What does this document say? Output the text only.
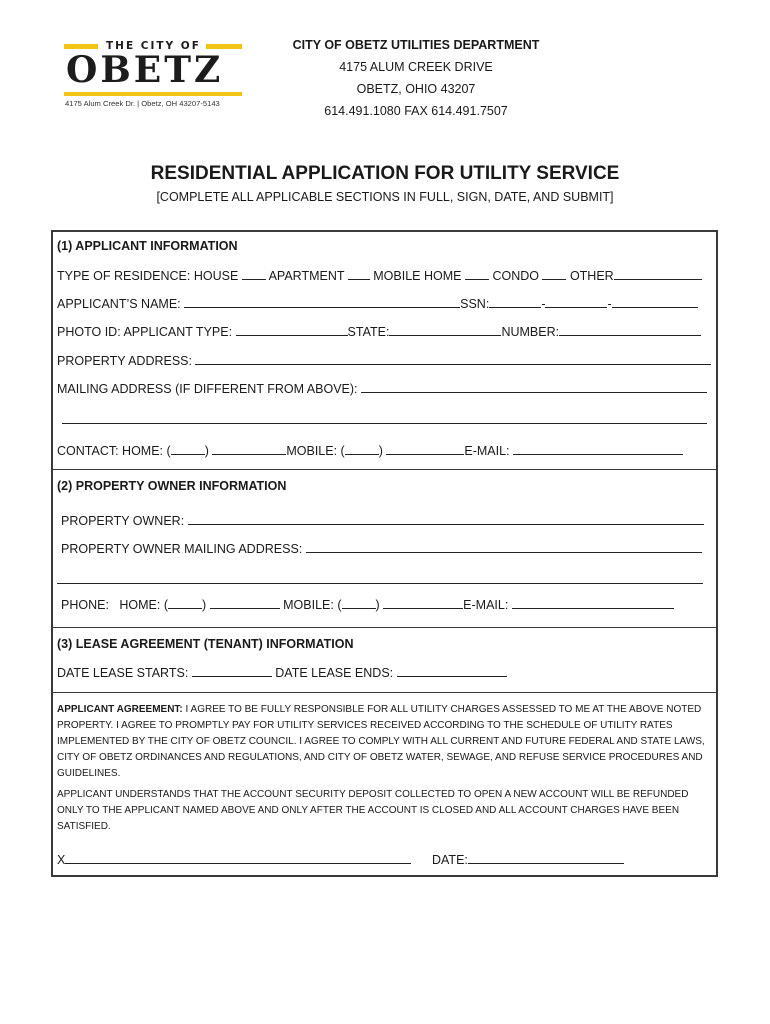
THE CITY OF
OBETZ
4175 Alum Creek Dr. | Obetz, OH 43207-5143
CITY OF OBETZ UTILITIES DEPARTMENT
4175 ALUM CREEK DRIVE
OBETZ, OHIO 43207
614.491.1080 FAX 614.491.7507
RESIDENTIAL APPLICATION FOR UTILITY SERVICE
[COMPLETE ALL APPLICABLE SECTIONS IN FULL, SIGN, DATE, AND SUBMIT]
(1) APPLICANT INFORMATION
TYPE OF RESIDENCE: HOUSE APARTMENT MOBILE HOME CONDO OTHER
APPLICANT’S NAME:	SSN:	-	-
PHOTO ID: APPLICANT TYPE:	STATE:	NUMBER:
PROPERTY ADDRESS:
MAILING ADDRESS (IF DIFFERENT FROM ABOVE):
CONTACT: HOME: (	)	MOBILE: (	)	E-MAIL:
(2) PROPERTY OWNER INFORMATION
PROPERTY OWNER:
PROPERTY OWNER MAILING ADDRESS:
PHONE: HOME: (	)	MOBILE: (	)	E-MAIL:
(3) LEASE AGREEMENT (TENANT) INFORMATION
DATE LEASE STARTS:	DATE LEASE ENDS:
APPLICANT AGREEMENT: I AGREE TO BE FULLY RESPONSIBLE FOR ALL UTILITY CHARGES ASSESSED TO ME AT THE ABOVE NOTED PROPERTY. I AGREE TO PROMPTLY PAY FOR UTILITY SERVICES RECEIVED ACCORDING TO THE SCHEDULE OF UTILITY RATES IMPLEMENTED BY THE CITY OF OBETZ COUNCIL. I AGREE TO COMPLY WITH ALL CURRENT AND FUTURE FEDERAL AND STATE LAWS, CITY OF OBETZ ORDINANCES AND REGULATIONS, AND CITY OF OBETZ WATER, SEWAGE, AND REFUSE SERVICE PROCEDURES AND GUIDELINES.
APPLICANT UNDERSTANDS THAT THE ACCOUNT SECURITY DEPOSIT COLLECTED TO OPEN A NEW ACCOUNT WILL BE REFUNDED ONLY TO THE APPLICANT NAMED ABOVE AND ONLY AFTER THE ACCOUNT IS CLOSED AND ALL ACCOUNT CHARGES HAVE BEEN SATISFIED.
X	DATE:
